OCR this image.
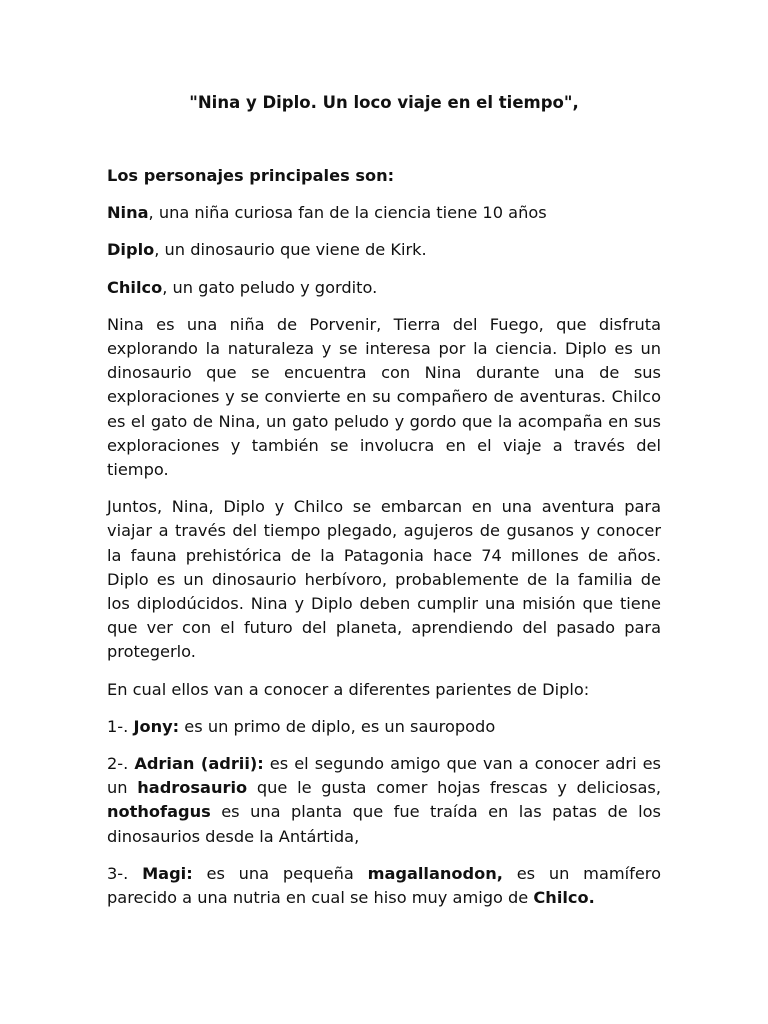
"Nina y Diplo. Un loco viaje en el tiempo",

Los personajes principales son:

Nina, una niña curiosa fan de la ciencia tiene 10 años

Diplo, un dinosaurio que viene de Kirk.

Chilco, un gato peludo y gordito.

Nina es una niña de Porvenir, Tierra del Fuego, que disfruta explorando la naturaleza y se interesa por la ciencia. Diplo es un dinosaurio que se encuentra con Nina durante una de sus exploraciones y se convierte en su compañero de aventuras. Chilco es el gato de Nina, un gato peludo y gordo que la acompaña en sus exploraciones y también se involucra en el viaje a través del tiempo.

Juntos, Nina, Diplo y Chilco se embarcan en una aventura para viajar a través del tiempo plegado, agujeros de gusanos y conocer la fauna prehistórica de la Patagonia hace 74 millones de años. Diplo es un dinosaurio herbívoro, probablemente de la familia de los diplodúcidos. Nina y Diplo deben cumplir una misión que tiene que ver con el futuro del planeta, aprendiendo del pasado para protegerlo.

En cual ellos van a conocer a diferentes parientes de Diplo:

1-. Jony: es un primo de diplo, es un sauropodo

2-. Adrian (adrii): es el segundo amigo que van a conocer adri es un hadrosaurio que le gusta comer hojas frescas y deliciosas, nothofagus es una planta que fue traída en las patas de los dinosaurios desde la Antártida,

3-. Magi: es una pequeña magallanodon, es un mamífero parecido a una nutria en cual se hiso muy amigo de Chilco.
